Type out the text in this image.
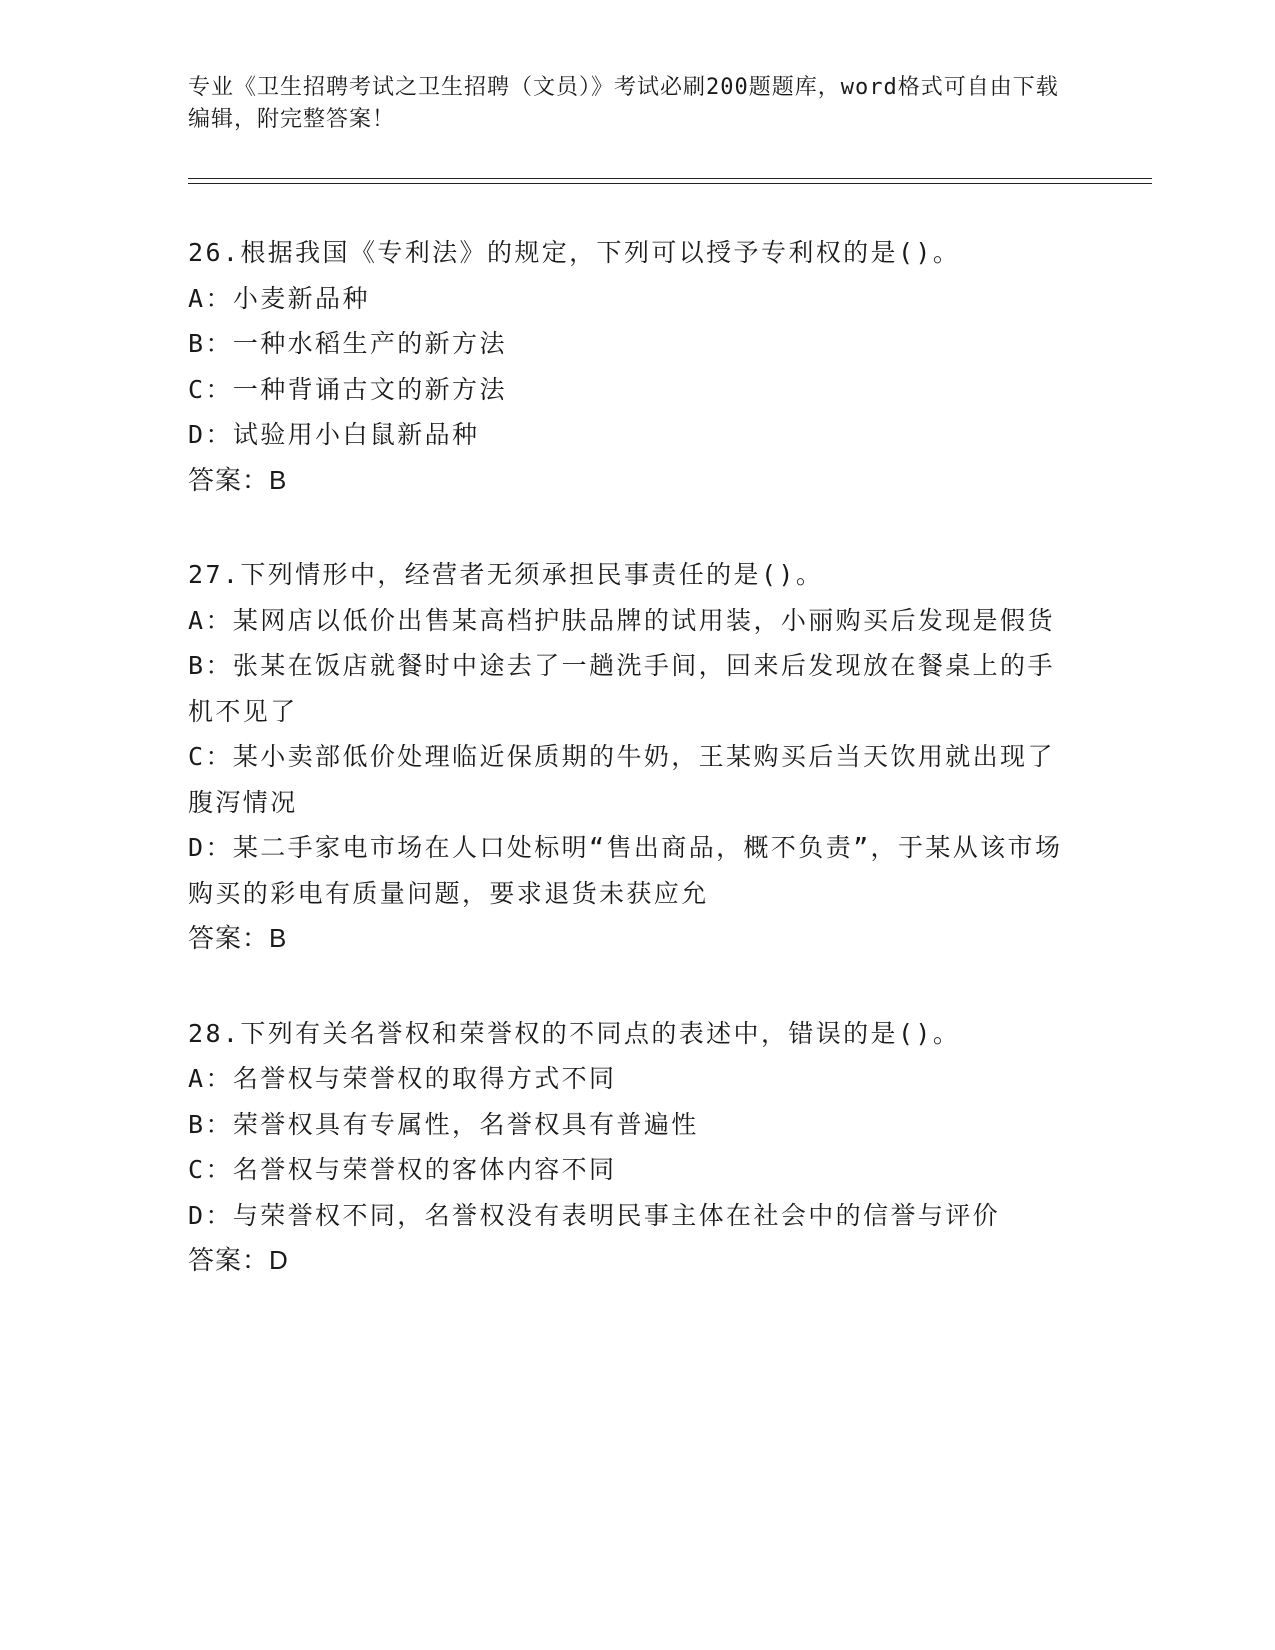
专业《卫生招聘考试之卫生招聘（文员）》考试必刷200题题库，word格式可自由下载编辑，附完整答案！

26.根据我国《专利法》的规定，下列可以授予专利权的是()。

A：小麦新品种

B：一种水稻生产的新方法

C：一种背诵古文的新方法

D：试验用小白鼠新品种

答案：B

27.下列情形中，经营者无须承担民事责任的是()。

A：某网店以低价出售某高档护肤品牌的试用装，小丽购买后发现是假货

B：张某在饭店就餐时中途去了一趟洗手间，回来后发现放在餐桌上的手机不见了

C：某小卖部低价处理临近保质期的牛奶，王某购买后当天饮用就出现了腹泻情况

D：某二手家电市场在人口处标明“售出商品，概不负责”，于某从该市场购买的彩电有质量问题，要求退货未获应允

答案：B

28.下列有关名誉权和荣誉权的不同点的表述中，错误的是()。

A：名誉权与荣誉权的取得方式不同

B：荣誉权具有专属性，名誉权具有普遍性

C：名誉权与荣誉权的客体内容不同

D：与荣誉权不同，名誉权没有表明民事主体在社会中的信誉与评价

答案：D
